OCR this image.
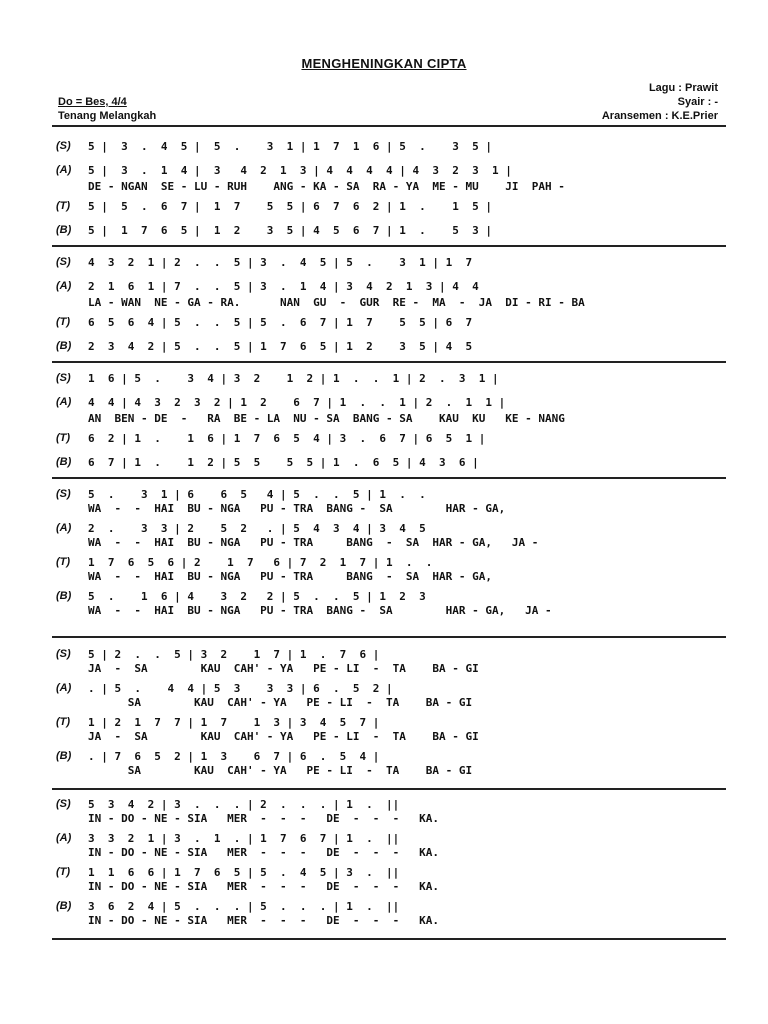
MENGHENINGKAN CIPTA
Lagu : Prawit
Do = Bes, 4/4	Syair : -
Tenang Melangkah	Aransemen : K.E.Prier
(S) 5 |  3  .  4  5 |  5  .    3  1 | 1  7  1  6 | 5  .    3  5 |
(A) 5 |  3  .  1  4 |  3   4  2  1  3 | 4  4  4  4 | 4  3  2  3  1 |
DE - NGAN  SE - LU - RUH    ANG - KA - SA  RA - YA  ME - MU    JI  PAH -
(T) 5 |  5  .  6  7 |  1  7    5  5 | 6  7  6  2 | 1  .    1  5 |
(B) 5 |  1  7  6  5 |  1  2    3  5 | 4  5  6  7 | 1  .    5  3 |
(S) 4  3  2  1 | 2  .  .  5 | 3  .  4  5 | 5  .    3  1 | 1  7
(A) 2  1  6  1 | 7  .  .  5 | 3  .  1  4 | 3  4  2  1  3 | 4  4
LA - WAN  NE - GA - RA.      NAN  GU  -  GUR  RE -  MA  -  JA  DI - RI - BA
(T) 6  5  6  4 | 5  .  .  5 | 5  .  6  7 | 1  7    5  5 | 6  7
(B) 2  3  4  2 | 5  .  .  5 | 1  7  6  5 | 1  2    3  5 | 4  5
(S) 1  6 | 5  .    3  4 | 3  2    1  2 | 1  .  .  1 | 2  .  3  1 |
(A) 4  4 | 4  3  2  3  2 | 1  2    6  7 | 1  .  .  1 | 2  .  1  1 |
AN  BEN - DE  -   RA  BE - LA  NU - SA  BANG - SA    KAU  KU   KE - NANG
(T) 6  2 | 1  .    1  6 | 1  7  6  5  4 | 3  .  6  7 | 6  5  1 |
(B) 6  7 | 1  .    1  2 | 5  5    5  5 | 1  .  6  5 | 4  3  6 |
(S) 5  .    3  1 | 6    6  5   4 | 5  .  .  5 | 1  .  .
WA  -  -  HAI  BU - NGA   PU - TRA  BANG -  SA        HAR - GA,
(A) 2  .    3  3 | 2    5  2   . | 5  4  3  4 | 3  4  5
WA  -  -  HAI  BU - NGA   PU - TRA     BANG  -  SA  HAR - GA,   JA -
(T) 1  7  6  5  6 | 2    1  7   6 | 7  2  1  7 | 1  .  .
WA  -  -  HAI  BU - NGA   PU - TRA     BANG  -  SA  HAR - GA,
(B) 5  .    1  6 | 4    3  2   2 | 5  .  .  5 | 1  2  3
WA  -  -  HAI  BU - NGA   PU - TRA  BANG -  SA        HAR - GA,   JA -
(S) 5 | 2  .  .  5 | 3  2    1  7 | 1  .  7  6 |
JA  -  SA        KAU  CAH' - YA   PE - LI  -  TA    BA - GI
(A) . | 5  .    4  4 | 5  3    3  3 | 6  .  5  2 |
SA        KAU  CAH' - YA   PE - LI  -  TA    BA - GI
(T) 1 | 2  1  7  7 | 1  7    1  3 | 3  4  5  7 |
JA  -  SA        KAU  CAH' - YA   PE - LI  -  TA    BA - GI
(B) . | 7  6  5  2 | 1  3    6  7 | 6  .  5  4 |
SA        KAU  CAH' - YA   PE - LI  -  TA    BA - GI
(S) 5  3  4  2 | 3  .  .  . | 2  .  .  . | 1  .  ||
IN - DO - NE - SIA   MER  -  -  -   DE  -  -  -   KA.
(A) 3  3  2  1 | 3  .  1  . | 1  7  6  7 | 1  .  ||
IN - DO - NE - SIA   MER  -  -  -   DE  -  -  -   KA.
(T) 1  1  6  6 | 1  7  6  5 | 5  .  4  5 | 3  .  ||
IN - DO - NE - SIA   MER  -  -  -   DE  -  -  -   KA.
(B) 3  6  2  4 | 5  .  .  . | 5  .  .  . | 1  .  ||
IN - DO - NE - SIA   MER  -  -  -   DE  -  -  -   KA.
